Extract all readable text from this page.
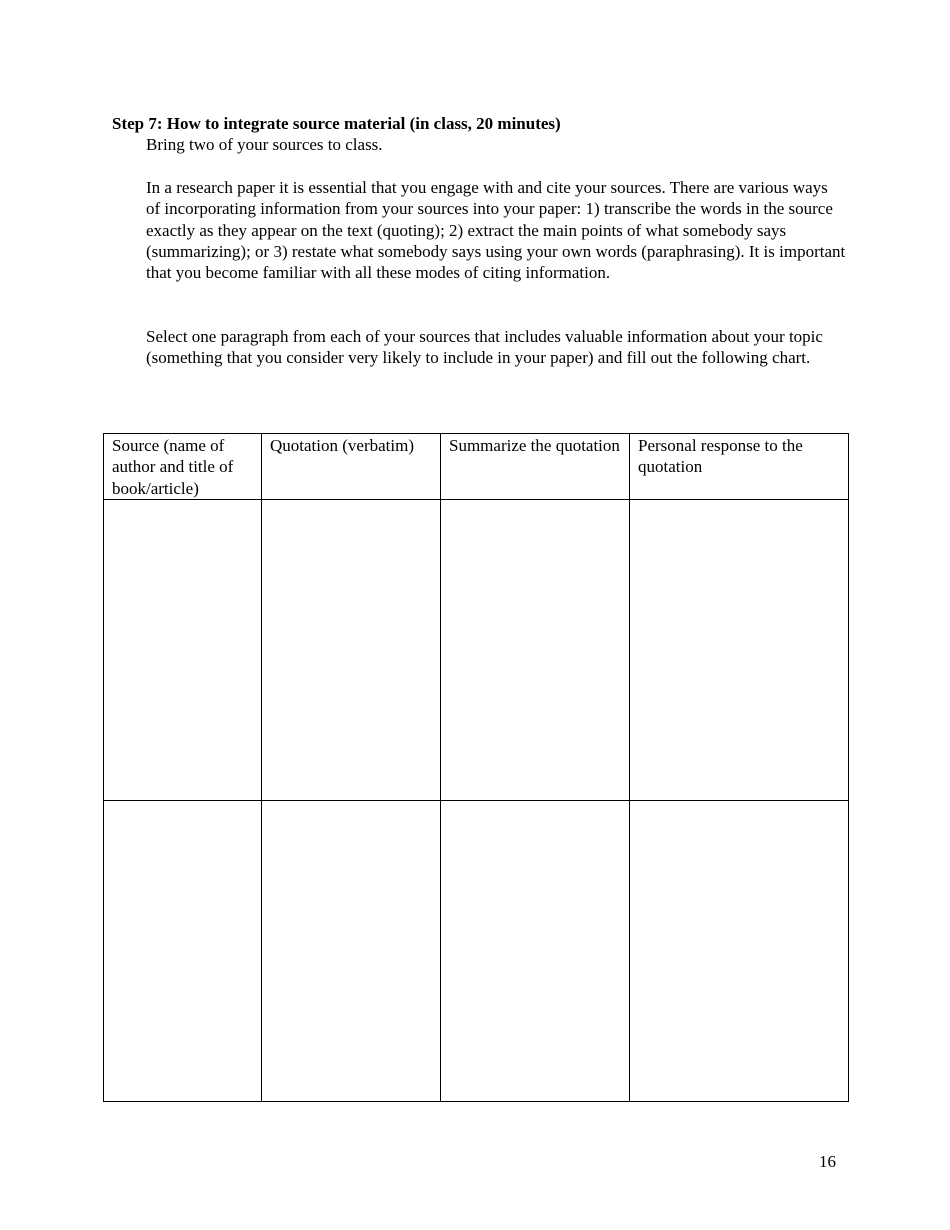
Step 7: How to integrate source material (in class, 20 minutes)
Bring two of your sources to class.

In a research paper it is essential that you engage with and cite your sources. There are various ways of incorporating information from your sources into your paper: 1) transcribe the words in the source exactly as they appear on the text (quoting); 2) extract the main points of what somebody says (summarizing); or 3) restate what somebody says using your own words (paraphrasing). It is important that you become familiar with all these modes of citing information.

Select one paragraph from each of your sources that includes valuable information about your topic (something that you consider very likely to include in your paper) and fill out the following chart.

Source (name of author and title of book/article)	Quotation (verbatim)	Summarize the quotation	Personal response to the quotation

16
